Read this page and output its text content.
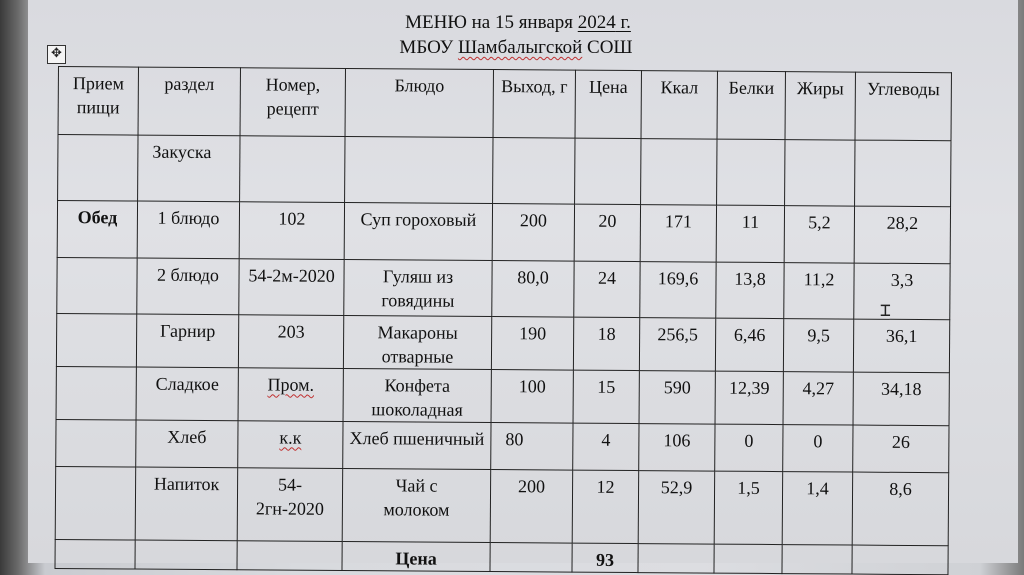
МЕНЮ на 15 января 2024 г.
МБОУ Шамбалыгской СОШ
✥
Прием пищи	раздел	Номер, рецепт	Блюдо	Выход, г	Цена	Ккал	Белки	Жиры	Углеводы
	Закуска								
Обед	1 блюдо	102	Суп гороховый	200	20	171	11	5,2	28,2
	2 блюдо	54-2м-2020	Гуляш из говядины	80,0	24	169,6	13,8	11,2	3,3
	Гарнир	203	Макароны отварные	190	18	256,5	6,46	9,5	36,1
	Сладкое	Пром.	Конфета шоколадная	100	15	590	12,39	4,27	34,18
	Хлеб	к.к	Хлеб пшеничный	80	4	106	0	0	26
	Напиток	54-2гн-2020	Чай с молоком	200	12	52,9	1,5	1,4	8,6
			Цена		93				
⌶
